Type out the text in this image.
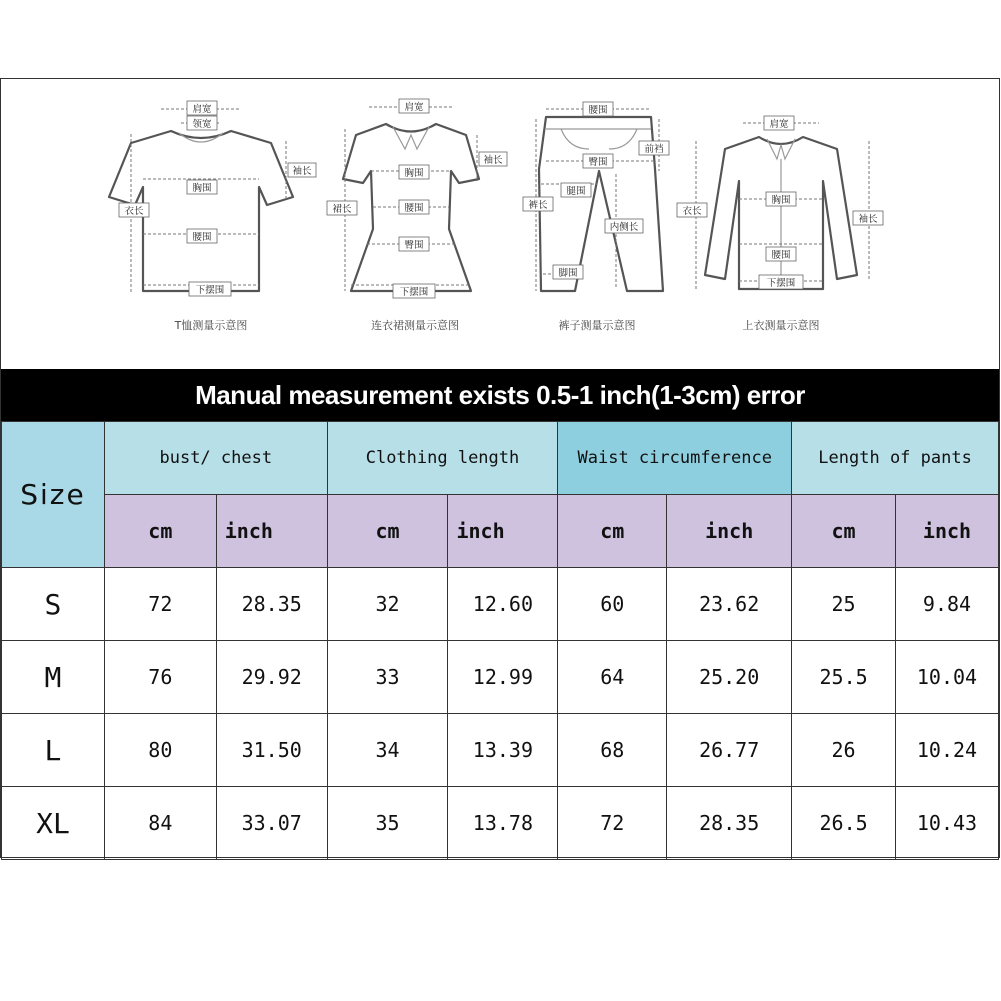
肩宽
领宽
袖长
胸围
衣长
腰围
下摆围
T恤测量示意图
肩宽
袖长
胸围
裙长	腰围
臀围
下摆围
连衣裙测量示意图
腰围
前裆
臀围
腿围
裤长
内侧长
脚围
裤子测量示意图
肩宽
胸围
衣长
袖长
腰围
下摆围
上衣测量示意图
Manual measurement exists 0.5-1 inch(1-3cm) error
Size	bust/ chest		Clothing length		Waist circumference		Length of pants	
	cm	inch	cm	inch	cm	inch	cm	inch
S	72	28.35	32	12.60	60	23.62	25	9.84
M	76	29.92	33	12.99	64	25.20	25.5	10.04
L	80	31.50	34	13.39	68	26.77	26	10.24
XL	84	33.07	35	13.78	72	28.35	26.5	10.43
